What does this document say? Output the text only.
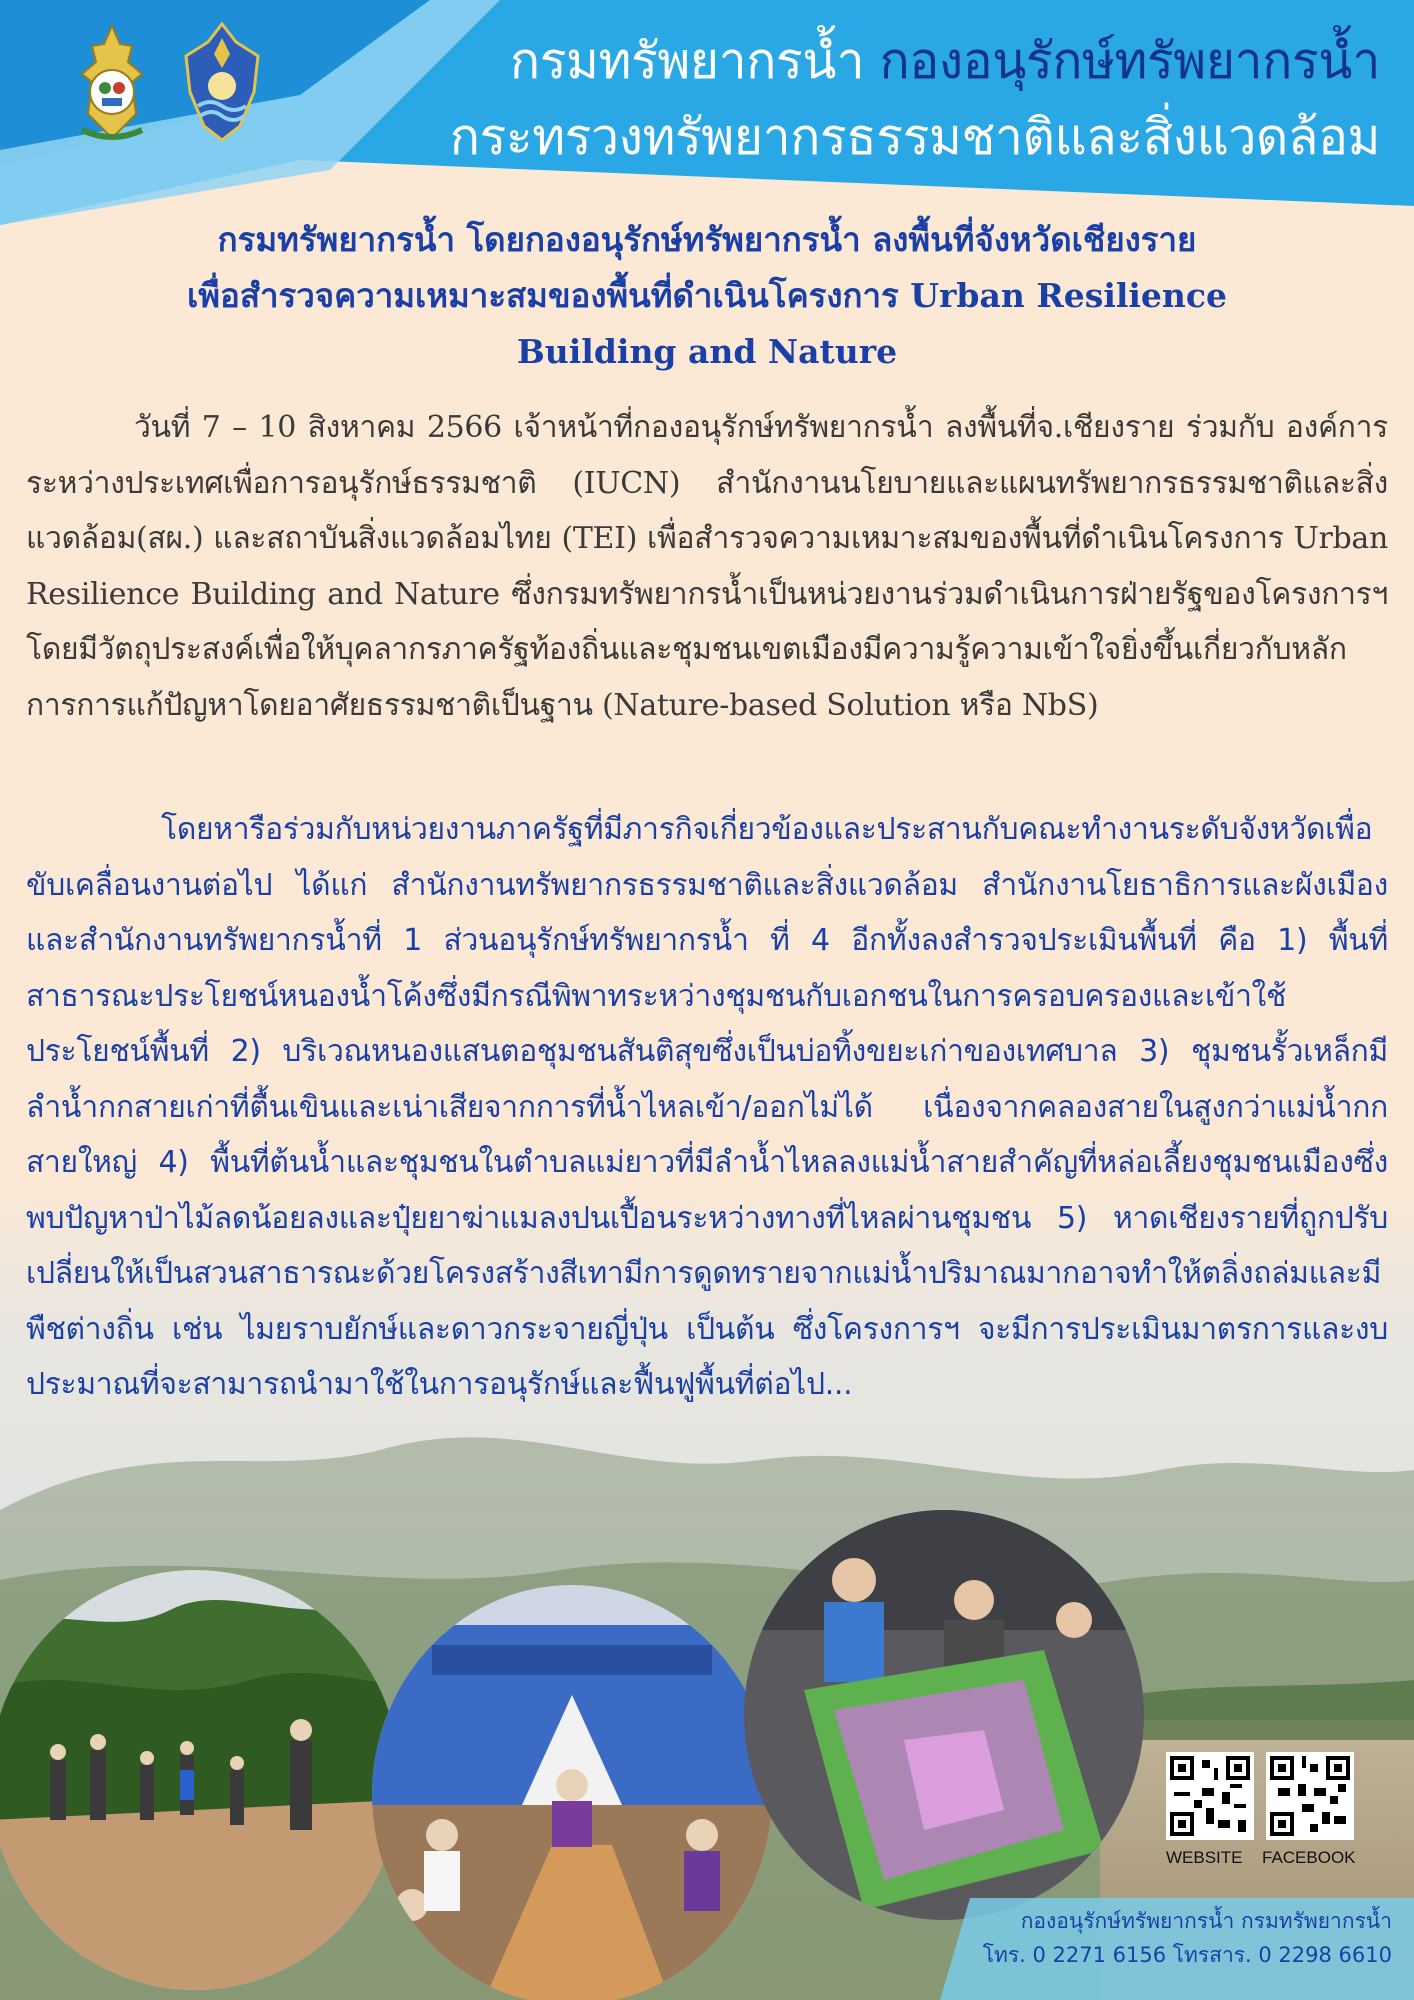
กรมทรัพยากรน้ำ กองอนุรักษ์ทรัพยากรน้ำ
กระทรวงทรัพยากรธรรมชาติและสิ่งแวดล้อม
กรมทรัพยากรน้ำ โดยกองอนุรักษ์ทรัพยากรน้ำ ลงพื้นที่จังหวัดเชียงราย
เพื่อสำรวจความเหมาะสมของพื้นที่ดำเนินโครงการ Urban Resilience
Building and Nature
วันที่ 7 – 10 สิงหาคม 2566 เจ้าหน้าที่กองอนุรักษ์ทรัพยากรน้ำ ลงพื้นที่จ.เชียงราย ร่วมกับ องค์การระหว่างประเทศเพื่อการอนุรักษ์ธรรมชาติ (IUCN) สำนักงานนโยบายและแผนทรัพยากรธรรมชาติและสิ่งแวดล้อม(สผ.) และสถาบันสิ่งแวดล้อมไทย (TEI) เพื่อสำรวจความเหมาะสมของพื้นที่ดำเนินโครงการ Urban Resilience Building and Nature ซึ่งกรมทรัพยากรน้ำเป็นหน่วยงานร่วมดำเนินการฝ่ายรัฐของโครงการฯ โดยมีวัตถุประสงค์เพื่อให้บุคลากรภาครัฐท้องถิ่นและชุมชนเขตเมืองมีความรู้ความเข้าใจยิ่งขึ้นเกี่ยวกับหลักการการแก้ปัญหาโดยอาศัยธรรมชาติเป็นฐาน (Nature-based Solution หรือ NbS)
โดยหารือร่วมกับหน่วยงานภาครัฐที่มีภารกิจเกี่ยวข้องและประสานกับคณะทำงานระดับจังหวัดเพื่อขับเคลื่อนงานต่อไป ได้แก่ สำนักงานทรัพยากรธรรมชาติและสิ่งแวดล้อม สำนักงานโยธาธิการและผังเมือง และสำนักงานทรัพยากรน้ำที่ 1 ส่วนอนุรักษ์ทรัพยากรน้ำ ที่ 4 อีกทั้งลงสำรวจประเมินพื้นที่ คือ 1) พื้นที่สาธารณะประโยชน์หนองน้ำโค้งซึ่งมีกรณีพิพาทระหว่างชุมชนกับเอกชนในการครอบครองและเข้าใช้ประโยชน์พื้นที่ 2) บริเวณหนองแสนตอชุมชนสันติสุขซึ่งเป็นบ่อทิ้งขยะเก่าของเทศบาล 3) ชุมชนรั้วเหล็กมีลำน้ำกกสายเก่าที่ตื้นเขินและเน่าเสียจากการที่น้ำไหลเข้า/ออกไม่ได้ เนื่องจากคลองสายในสูงกว่าแม่น้ำกกสายใหญ่ 4) พื้นที่ต้นน้ำและชุมชนในตำบลแม่ยาวที่มีลำน้ำไหลลงแม่น้ำสายสำคัญที่หล่อเลี้ยงชุมชนเมืองซึ่งพบปัญหาป่าไม้ลดน้อยลงและปุ๋ยยาฆ่าแมลงปนเปื้อนระหว่างทางที่ไหลผ่านชุมชน 5) หาดเชียงรายที่ถูกปรับเปลี่ยนให้เป็นสวนสาธารณะด้วยโครงสร้างสีเทามีการดูดทรายจากแม่น้ำปริมาณมากอาจทำให้ตลิ่งถล่มและมีพืชต่างถิ่น เช่น ไมยราบยักษ์และดาวกระจายญี่ปุ่น เป็นต้น ซึ่งโครงการฯ จะมีการประเมินมาตรการและงบประมาณที่จะสามารถนำมาใช้ในการอนุรักษ์และฟื้นฟูพื้นที่ต่อไป...
WEBSITE FACEBOOK
กองอนุรักษ์ทรัพยากรน้ำ กรมทรัพยากรน้ำ
โทร. 0 2271 6156 โทรสาร. 0 2298 6610
